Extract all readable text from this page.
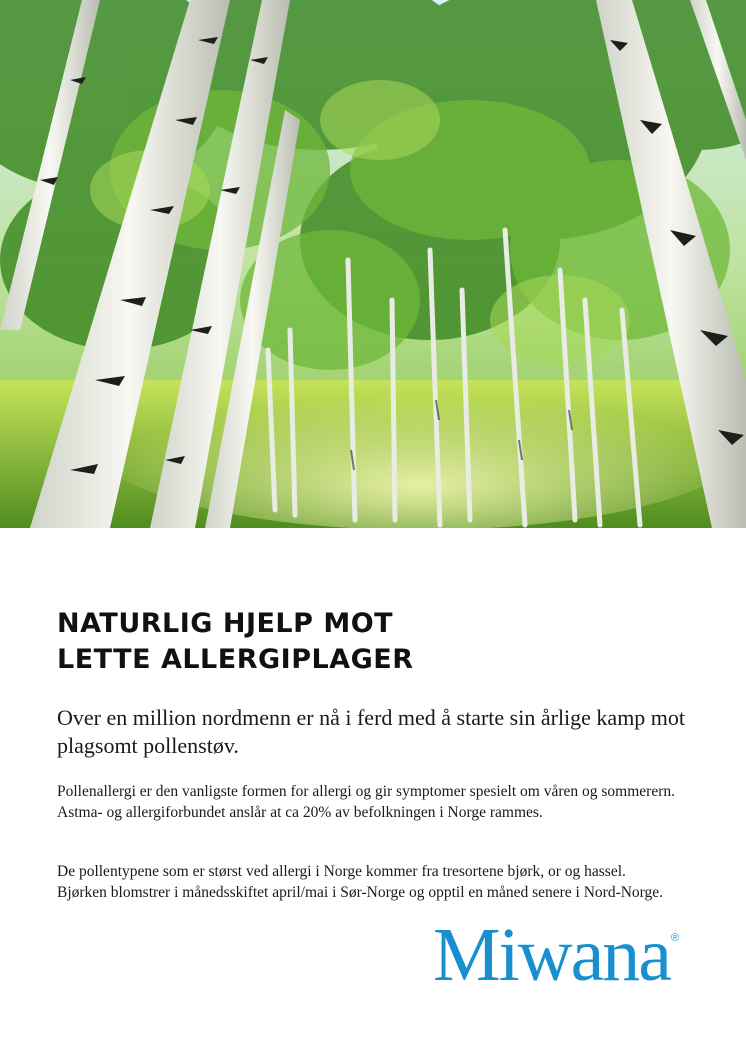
NATURLIG HJELP MOT
LETTE ALLERGIPLAGER

Over en million nordmenn er nå i ferd med å starte sin årlige kamp mot plagsomt pollenstøv.

Pollenallergi er den vanligste formen for allergi og gir symptomer spesielt om våren og sommerern. Astma- og allergiforbundet anslår at ca 20% av befolkningen i Norge rammes.

De pollentypene som er størst ved allergi i Norge kommer fra tresortene bjørk, or og hassel. Bjørken blomstrer i månedsskiftet april/mai i Sør-Norge og opptil en måned senere i Nord-Norge.

Miwana ®
